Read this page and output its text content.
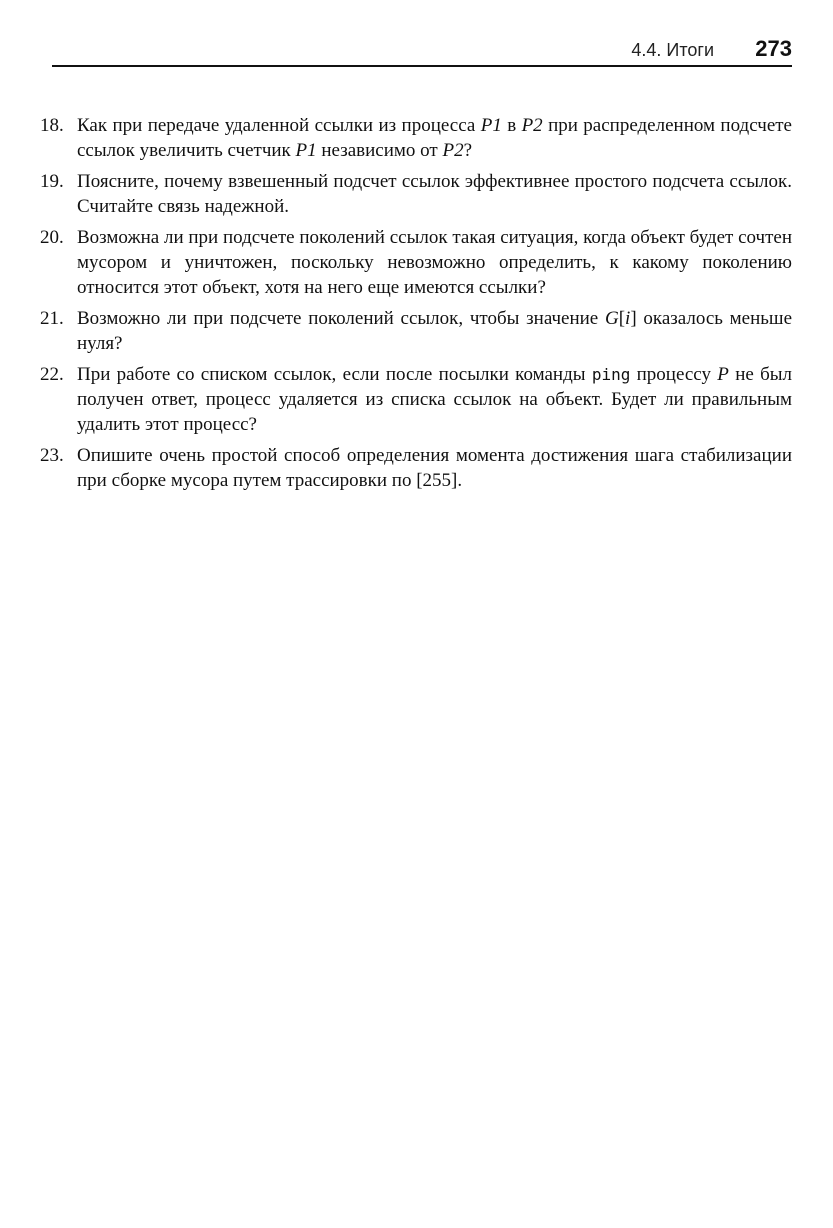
4.4. Итоги 273
18. Как при передаче удаленной ссылки из процесса P1 в P2 при распределенном подсчете ссылок увеличить счетчик P1 независимо от P2?
19. Поясните, почему взвешенный подсчет ссылок эффективнее простого подсчета ссылок. Считайте связь надежной.
20. Возможна ли при подсчете поколений ссылок такая ситуация, когда объект будет сочтен мусором и уничтожен, поскольку невозможно определить, к какому поколению относится этот объект, хотя на него еще имеются ссылки?
21. Возможно ли при подсчете поколений ссылок, чтобы значение G[i] оказалось меньше нуля?
22. При работе со списком ссылок, если после посылки команды ping процессу P не был получен ответ, процесс удаляется из списка ссылок на объект. Будет ли правильным удалить этот процесс?
23. Опишите очень простой способ определения момента достижения шага стабилизации при сборке мусора путем трассировки по [255].
